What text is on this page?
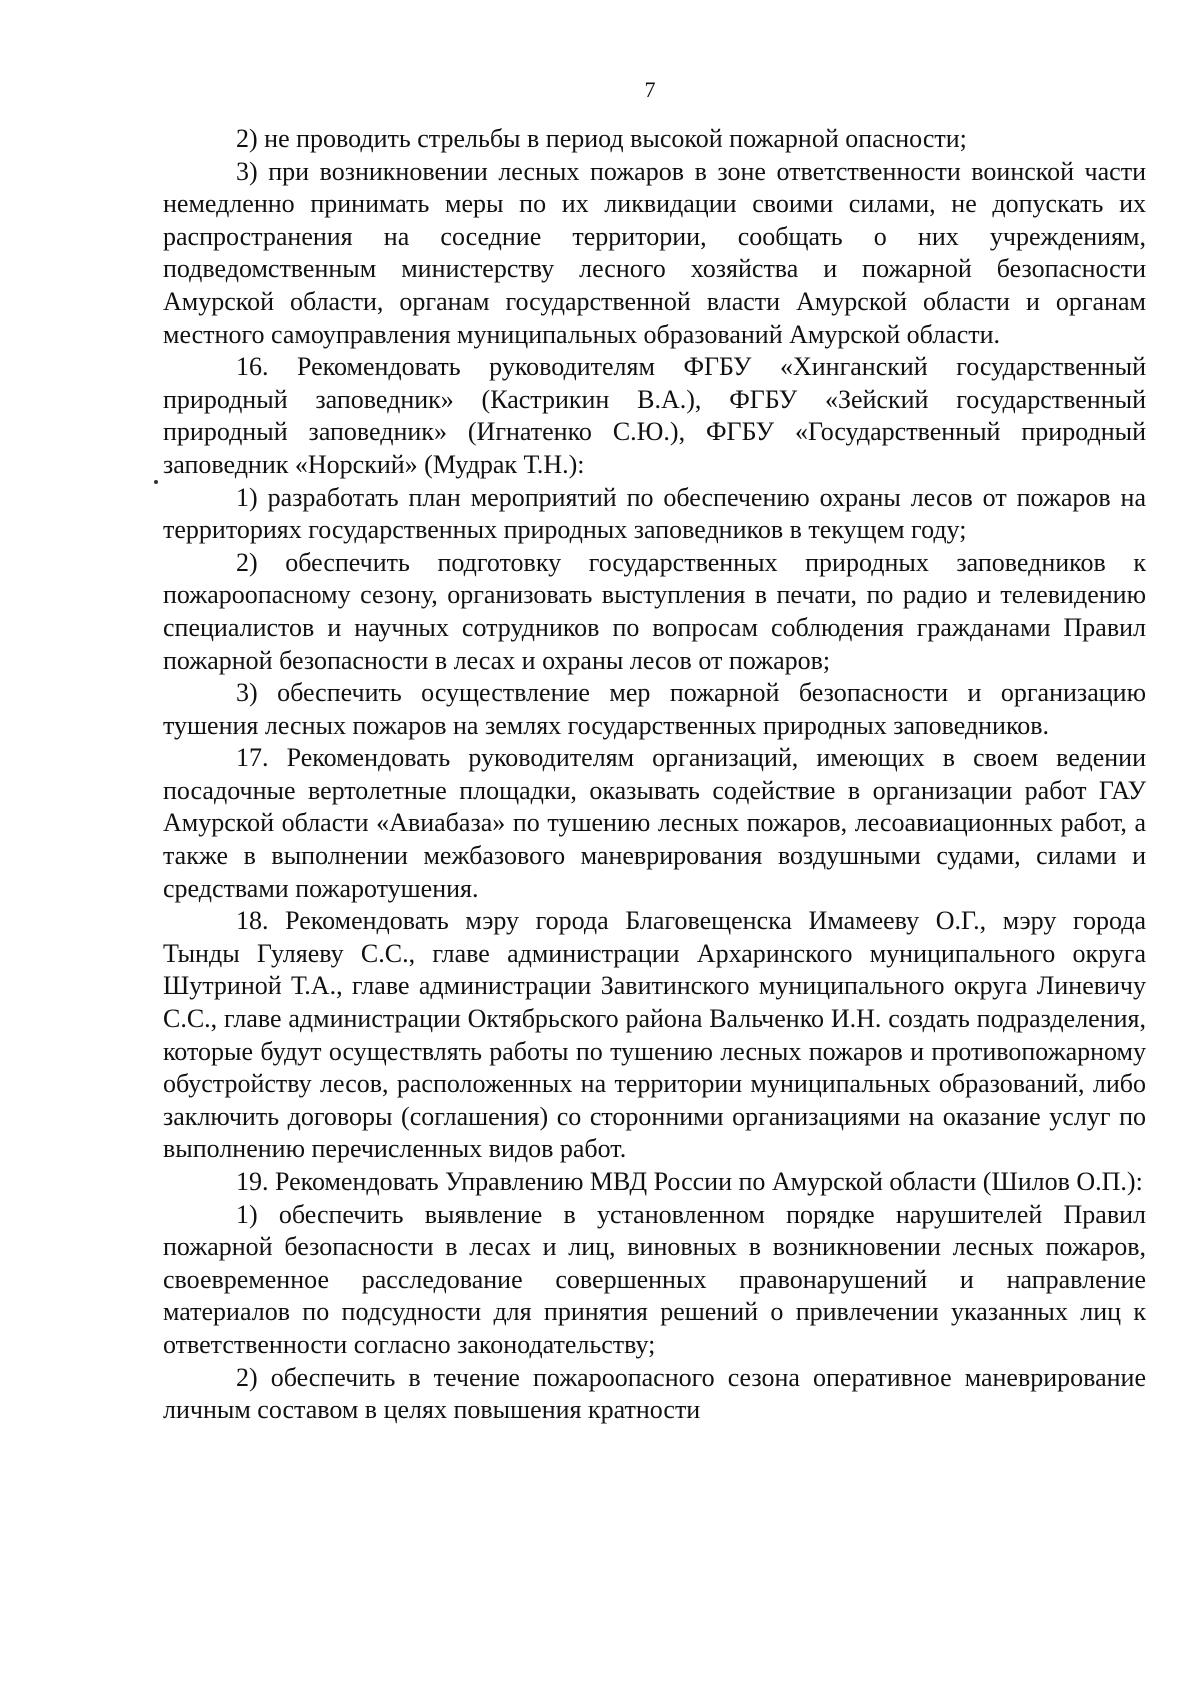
7

2) не проводить стрельбы в период высокой пожарной опасности;

3) при возникновении лесных пожаров в зоне ответственности воинской части немедленно принимать меры по их ликвидации своими силами, не допускать их распространения на соседние территории, сообщать о них учреждениям, подведомственным министерству лесного хозяйства и пожарной безопасности Амурской области, органам государственной власти Амурской области и органам местного самоуправления муниципальных образований Амурской области.

16. Рекомендовать руководителям ФГБУ «Хинганский государственный природный заповедник» (Кастрикин В.А.), ФГБУ «Зейский государственный природный заповедник» (Игнатенко С.Ю.), ФГБУ «Государственный природный заповедник «Норский» (Мудрак Т.Н.):

1) разработать план мероприятий по обеспечению охраны лесов от пожаров на территориях государственных природных заповедников в текущем году;

2) обеспечить подготовку государственных природных заповедников к пожароопасному сезону, организовать выступления в печати, по радио и телевидению специалистов и научных сотрудников по вопросам соблюдения гражданами Правил пожарной безопасности в лесах и охраны лесов от пожаров;

3) обеспечить осуществление мер пожарной безопасности и организацию тушения лесных пожаров на землях государственных природных заповедников.

17. Рекомендовать руководителям организаций, имеющих в своем ведении посадочные вертолетные площадки, оказывать содействие в организации работ ГАУ Амурской области «Авиабаза» по тушению лесных пожаров, лесоавиационных работ, а также в выполнении межбазового маневрирования воздушными судами, силами и средствами пожаротушения.

18. Рекомендовать мэру города Благовещенска Имамееву О.Г., мэру города Тынды Гуляеву С.С., главе администрации Архаринского муниципального округа Шутриной Т.А., главе администрации Завитинского муниципального округа Линевичу С.С., главе администрации Октябрьского района Вальченко И.Н. создать подразделения, которые будут осуществлять работы по тушению лесных пожаров и противопожарному обустройству лесов, расположенных на территории муниципальных образований, либо заключить договоры (соглашения) со сторонними организациями на оказание услуг по выполнению перечисленных видов работ.

19. Рекомендовать Управлению МВД России по Амурской области (Шилов О.П.):

1) обеспечить выявление в установленном порядке нарушителей Правил пожарной безопасности в лесах и лиц, виновных в возникновении лесных пожаров, своевременное расследование совершенных правонарушений и направление материалов по подсудности для принятия решений о привлечении указанных лиц к ответственности согласно законодательству;

2) обеспечить в течение пожароопасного сезона оперативное маневрирование личным составом в целях повышения кратности
